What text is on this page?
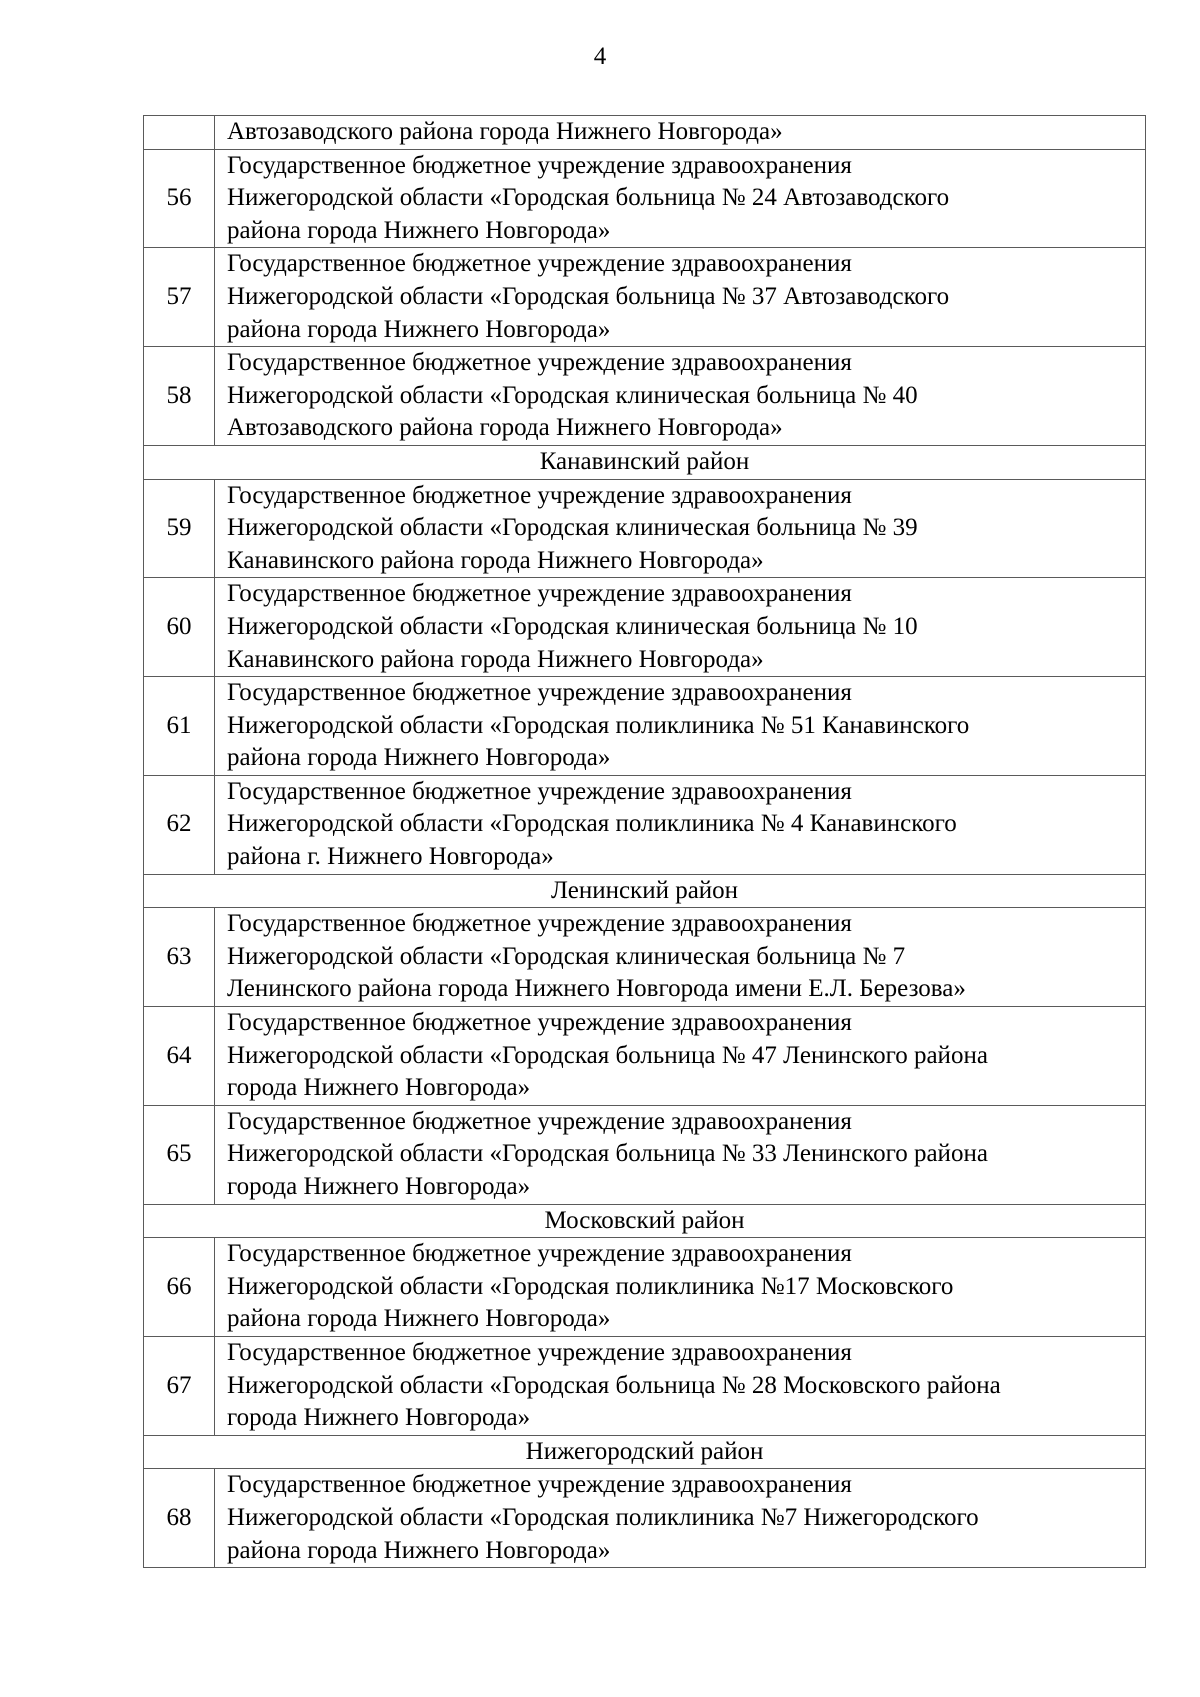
4

	Автозаводского района города Нижнего Новгорода»

56	Государственное бюджетное учреждение здравоохранения
Нижегородской области «Городская больница № 24 Автозаводского
района города Нижнего Новгорода»

57	Государственное бюджетное учреждение здравоохранения
Нижегородской области «Городская больница № 37 Автозаводского
района города Нижнего Новгорода»

58	Государственное бюджетное учреждение здравоохранения
Нижегородской области «Городская клиническая больница № 40
Автозаводского района города Нижнего Новгорода»

Канавинский район	
59	Государственное бюджетное учреждение здравоохранения
Нижегородской области «Городская клиническая больница № 39
Канавинского района города Нижнего Новгорода»

60	Государственное бюджетное учреждение здравоохранения
Нижегородской области «Городская клиническая больница № 10
Канавинского района города Нижнего Новгорода»

61	Государственное бюджетное учреждение здравоохранения
Нижегородской области «Городская поликлиника № 51 Канавинского
района города Нижнего Новгорода»

62	Государственное бюджетное учреждение здравоохранения
Нижегородской области «Городская поликлиника № 4 Канавинского
района г. Нижнего Новгорода»

Ленинский район	
63	Государственное бюджетное учреждение здравоохранения
Нижегородской области «Городская клиническая больница № 7
Ленинского района города Нижнего Новгорода имени Е.Л. Березова»

64	Государственное бюджетное учреждение здравоохранения
Нижегородской области «Городская больница № 47 Ленинского района
города Нижнего Новгорода»

65	Государственное бюджетное учреждение здравоохранения
Нижегородской области «Городская больница № 33 Ленинского района
города Нижнего Новгорода»

Московский район	
66	Государственное бюджетное учреждение здравоохранения
Нижегородской области «Городская поликлиника №17 Московского
района города Нижнего Новгорода»

67	Государственное бюджетное учреждение здравоохранения
Нижегородской области «Городская больница № 28 Московского района
города Нижнего Новгорода»

Нижегородский район	
68	Государственное бюджетное учреждение здравоохранения
Нижегородской области «Городская поликлиника №7 Нижегородского
района города Нижнего Новгорода»
